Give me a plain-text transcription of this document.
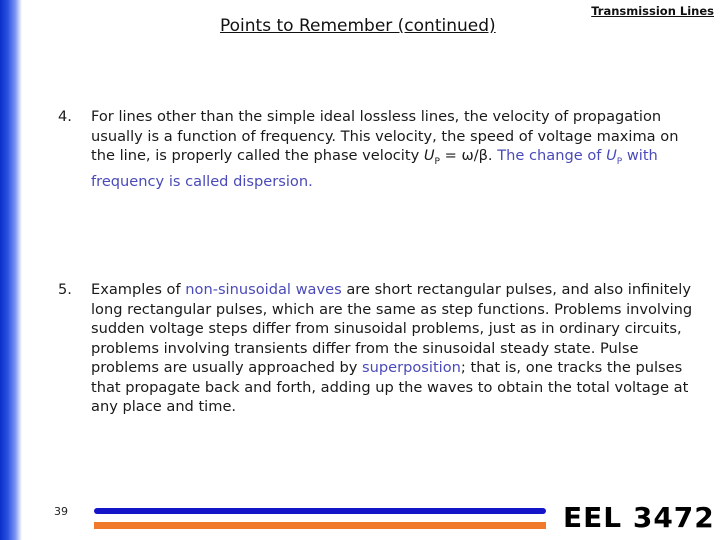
Points to Remember (continued)
Transmission Lines
4.	For lines other than the simple ideal lossless lines, the velocity of propagation usually is a function of frequency. This velocity, the speed of voltage maxima on the line, is properly called the phase velocity $U_P = \omega/\beta$. The change of $U_P$ with frequency is called dispersion.
5.	Examples of non-sinusoidal waves are short rectangular pulses, and also infinitely long rectangular pulses, which are the same as step functions. Problems involving sudden voltage steps differ from sinusoidal problems, just as in ordinary circuits, problems involving transients differ from the sinusoidal steady state. Pulse problems are usually approached by superposition; that is, one tracks the pulses that propagate back and forth, adding up the waves to obtain the total voltage at any place and time.
39	EEL 3472
